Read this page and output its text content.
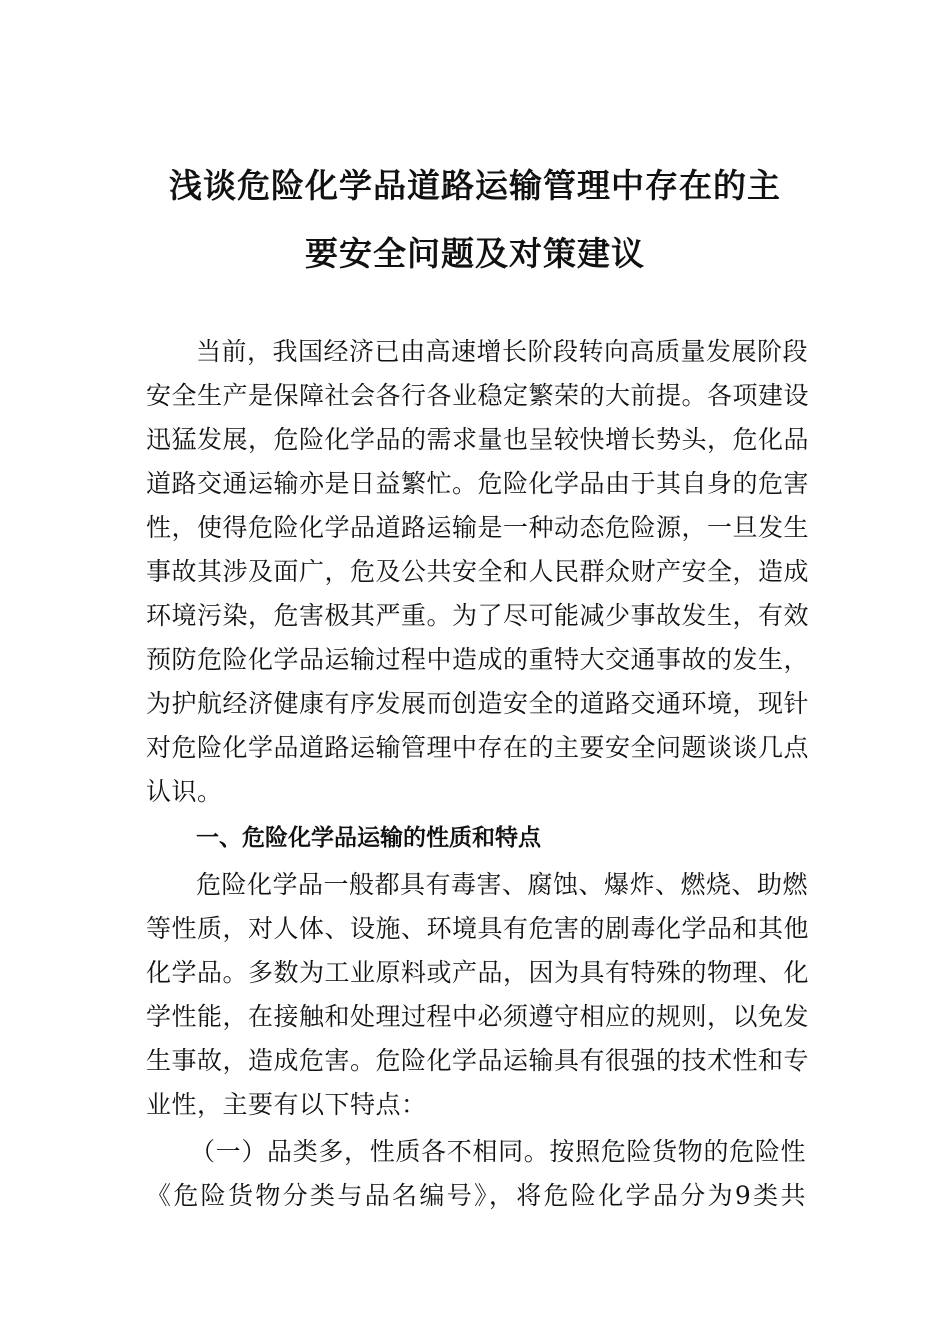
浅谈危险化学品道路运输管理中存在的主
要安全问题及对策建议
当前，我国经济已由高速增长阶段转向高质量发展阶段
安全生产是保障社会各行各业稳定繁荣的大前提。各项建设
迅猛发展，危险化学品的需求量也呈较快增长势头，危化品
道路交通运输亦是日益繁忙。危险化学品由于其自身的危害
性，使得危险化学品道路运输是一种动态危险源，一旦发生
事故其涉及面广，危及公共安全和人民群众财产安全，造成
环境污染，危害极其严重。为了尽可能减少事故发生，有效
预防危险化学品运输过程中造成的重特大交通事故的发生，
为护航经济健康有序发展而创造安全的道路交通环境，现针
对危险化学品道路运输管理中存在的主要安全问题谈谈几点
认识。
一、危险化学品运输的性质和特点
危险化学品一般都具有毒害、腐蚀、爆炸、燃烧、助燃
等性质，对人体、设施、环境具有危害的剧毒化学品和其他
化学品。多数为工业原料或产品，因为具有特殊的物理、化
学性能，在接触和处理过程中必须遵守相应的规则，以免发
生事故，造成危害。危险化学品运输具有很强的技术性和专
业性，主要有以下特点：
（一）品类多，性质各不相同。按照危险货物的危险性
《危险货物分类与品名编号》，将危险化学品分为9类共
